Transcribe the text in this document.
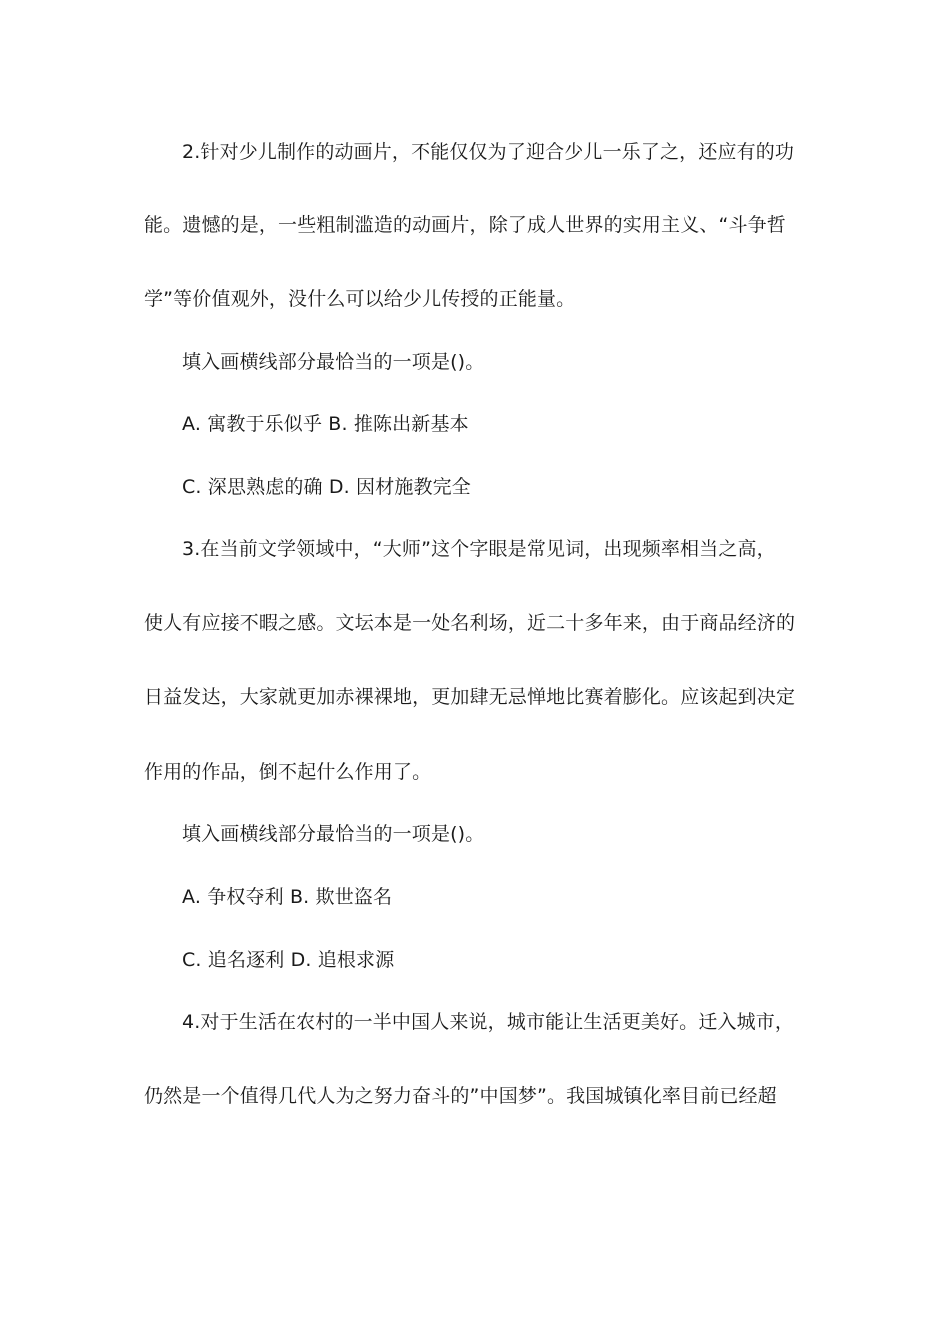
2.针对少儿制作的动画片，不能仅仅为了迎合少儿一乐了之，还应有的功
能。遗憾的是，一些粗制滥造的动画片，除了成人世界的实用主义、“斗争哲
学”等价值观外，没什么可以给少儿传授的正能量。
填入画横线部分最恰当的一项是()。
A. 寓教于乐似乎 B. 推陈出新基本
C. 深思熟虑的确 D. 因材施教完全
3.在当前文学领域中，“大师”这个字眼是常见词，出现频率相当之高，
使人有应接不暇之感。文坛本是一处名利场，近二十多年来，由于商品经济的
日益发达，大家就更加赤裸裸地，更加肆无忌惮地比赛着膨化。应该起到决定
作用的作品，倒不起什么作用了。
填入画横线部分最恰当的一项是()。
A. 争权夺利 B. 欺世盗名
C. 追名逐利 D. 追根求源
4.对于生活在农村的一半中国人来说，城市能让生活更美好。迁入城市，
仍然是一个值得几代人为之努力奋斗的”中国梦”。我国城镇化率目前已经超
